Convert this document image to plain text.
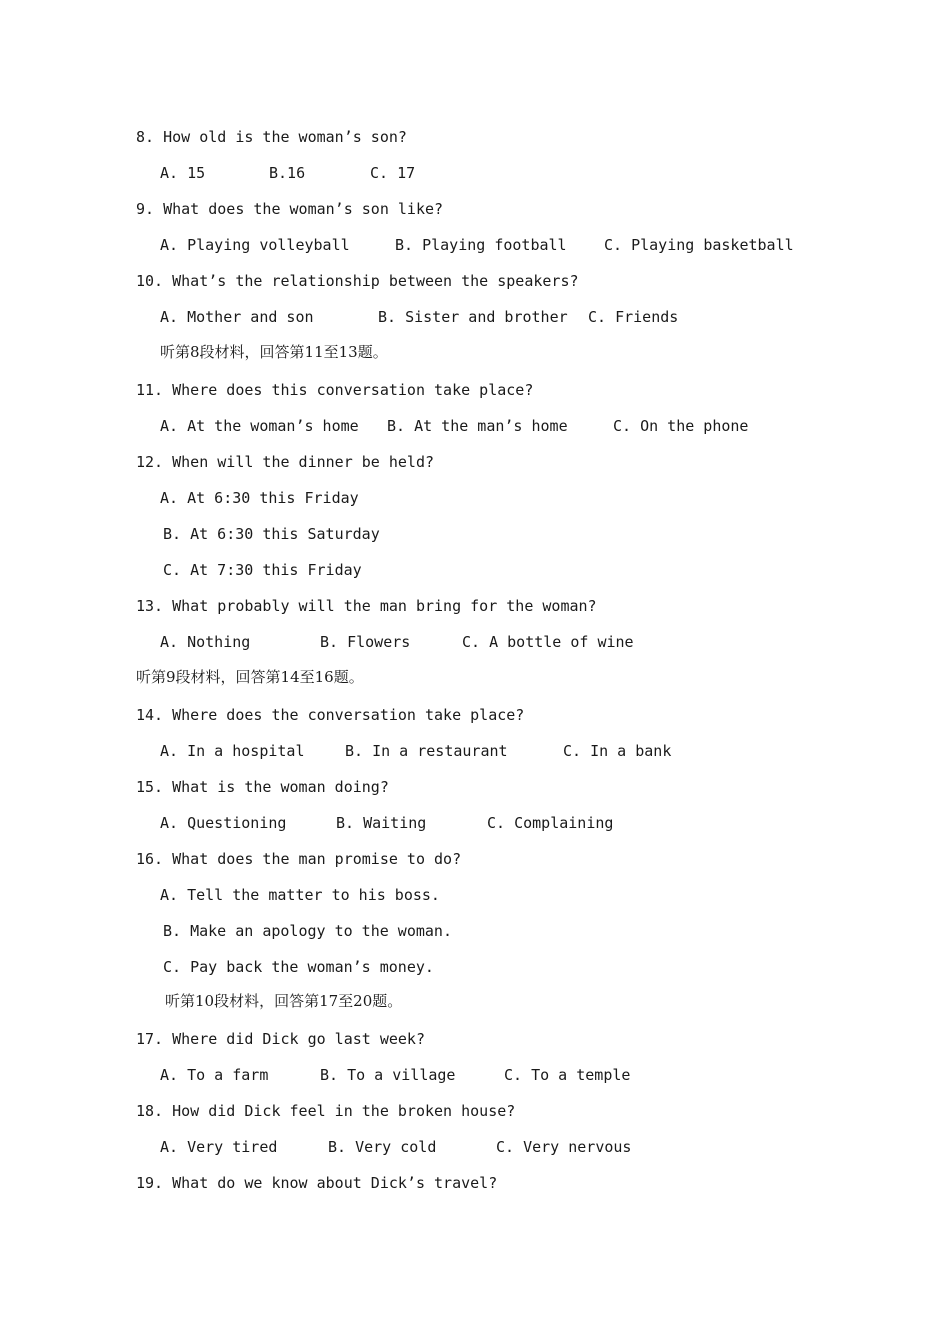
8. How old is the woman’s son?
A. 15	B.16	C. 17
9. What does the woman’s son like?
A. Playing volleyball	B. Playing football C. Playing basketball
10. What’s the relationship between the speakers?
A. Mother and son	B. Sister and brother C. Friends
听第8段材料，回答第11至13题。
11. Where does this conversation take place?
A. At the woman’s home B. At the man’s home	C. On the phone
12. When will the dinner be held?
A. At 6:30 this Friday
B. At 6:30 this Saturday
C. At 7:30 this Friday
13. What probably will the man bring for the woman?
A. Nothing	B. Flowers	C. A bottle of wine
听第9段材料，回答第14至16题。
14. Where does the conversation take place?
A. In a hospital	B. In a restaurant	C. In a bank
15. What is the woman doing?
A. Questioning	B. Waiting	C. Complaining
16. What does the man promise to do?
A. Tell the matter to his boss.
B. Make an apology to the woman.
C. Pay back the woman’s money.
听第10段材料，回答第17至20题。
17. Where did Dick go last week?
A. To a farm	B. To a village	C. To a temple
18. How did Dick feel in the broken house?
A. Very tired	B. Very cold	C. Very nervous
19. What do we know about Dick’s travel?
